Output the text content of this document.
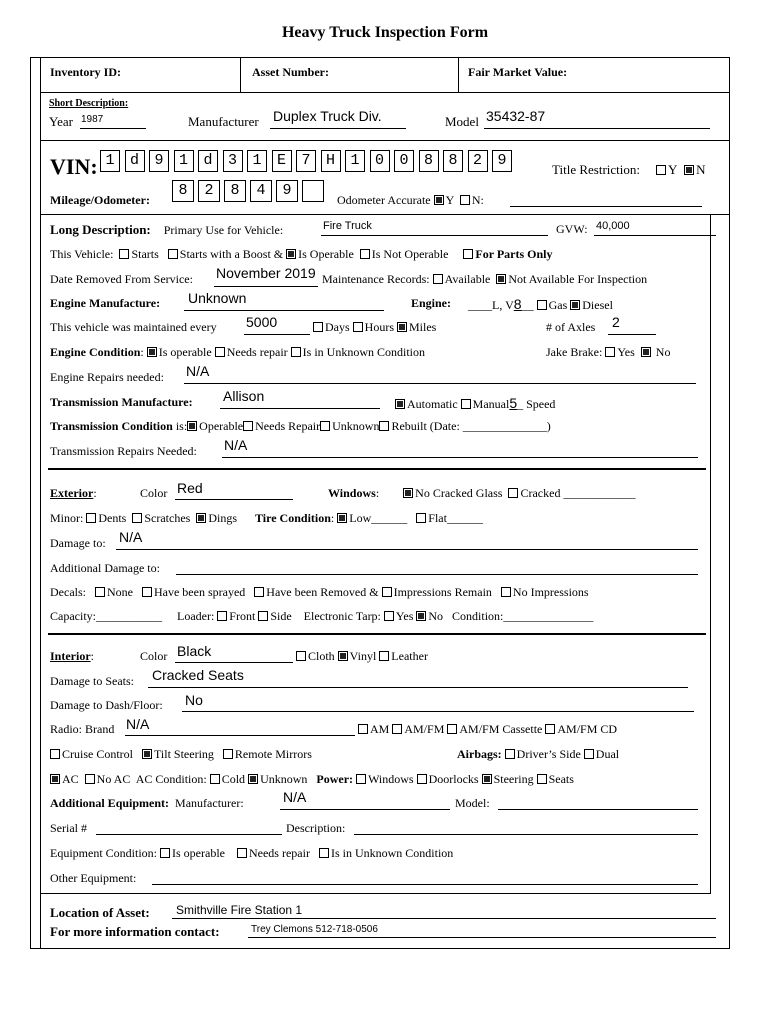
Heavy Truck Inspection Form
Inventory ID:	Asset Number:	Fair Market Value:
Short Description:
Year 1987	Manufacturer Duplex Truck Div.	Model 35432-87
VIN: 1	d	9	1	d	3	1	E	7	H	1	0	0	8	8	2	9
Title Restriction:	Y N
Mileage/Odometer:
8	2	8	4	9
Odometer Accurate Y N:
Long Description: Primary Use for Vehicle:	Fire Truck	GVW: 40,000
This Vehicle: Starts Starts with a Boost & Is Operable Is Not Operable For Parts Only
Date Removed From Service: November 2019 Maintenance Records: Available Not Available For Inspection
Engine Manufacture: Unknown	Engine: ____L, V8__ Gas Diesel
This vehicle was maintained every 5000	Days Hours Miles	# of Axles 2
Engine Condition: Is operable Needs repair Is in Unknown Condition	Jake Brake: Yes No
Engine Repairs needed: N/A
Transmission Manufacture: Allison	Automatic Manual5_ Speed
Transmission Condition is: Operable Needs Repair Unknown Rebuilt (Date: ______________)
Transmission Repairs Needed: N/A
Exterior:	Color Red	Windows:        No Cracked Glass Cracked ____________
Minor: Dents Scratches Dings Tire Condition: Low______   Flat______
Damage to: N/A
Additional Damage to:
Decals: None Have been sprayed Have been Removed & Impressions Remain No Impressions
Capacity:___________     Loader: Front Side Electronic Tarp: Yes No Condition:_______________
Interior:	Color Black	Cloth Vinyl Leather
Damage to Seats: Cracked Seats
Damage to Dash/Floor: No
Radio: Brand N/A	AM AM/FM AM/FM Cassette AM/FM CD
Cruise Control Tilt Steering Remote Mirrors	Airbags: Driver’s Side Dual
AC No AC AC Condition: Cold Unknown Power: Windows Doorlocks Steering Seats
Additional Equipment: Manufacturer:	N/A	Model:
Serial #	Description:
Equipment Condition: Is operable Needs repair Is in Unknown Condition
Other Equipment:
Location of Asset: Smithville Fire Station 1
For more information contact:	Trey Clemons 512-718-0506
